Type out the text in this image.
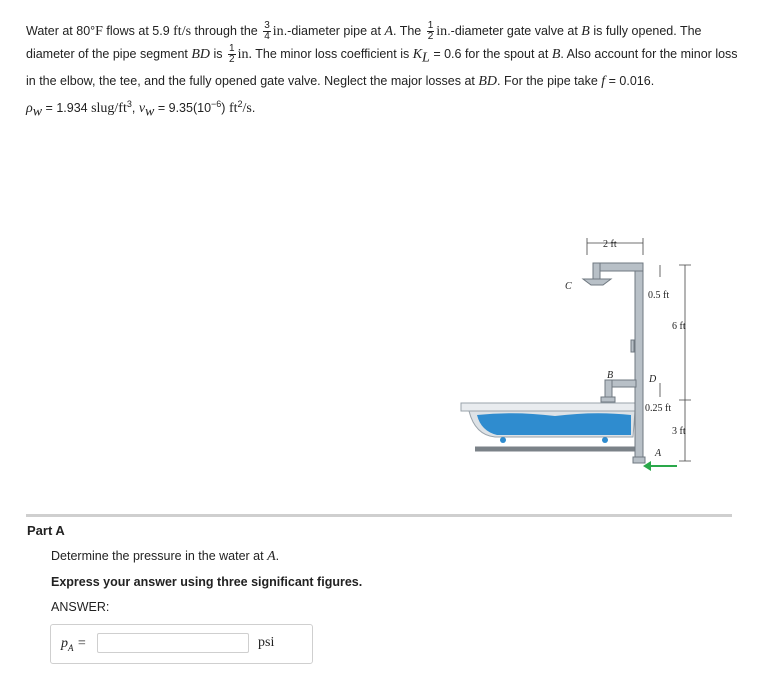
Water at 80°F flows at 5.9 ft/s through the $\frac{3}{4}$ in.-diameter pipe at A. The $\frac{1}{2}$ in.-diameter gate valve at B is fully opened. The diameter of the pipe segment BD is $\frac{1}{2}$ in. The minor loss coefficient is $K_L = 0.6$ for the spout at B. Also account for the minor loss in the elbow, the tee, and the fully opened gate valve. Neglect the major losses at BD. For the pipe take f = 0.016.

$\rho_w = 1.934$ slug/$ft^3$, $\nu_w = 9.35(10^{-6})$ $ft^2/s$.

2 ft
0.5 ft
6 ft
0.25 ft
3 ft
C
B	D
A
Part A
Determine the pressure in the water at A.
Express your answer using three significant figures.
ANSWER:
$p_A$ =	psi
